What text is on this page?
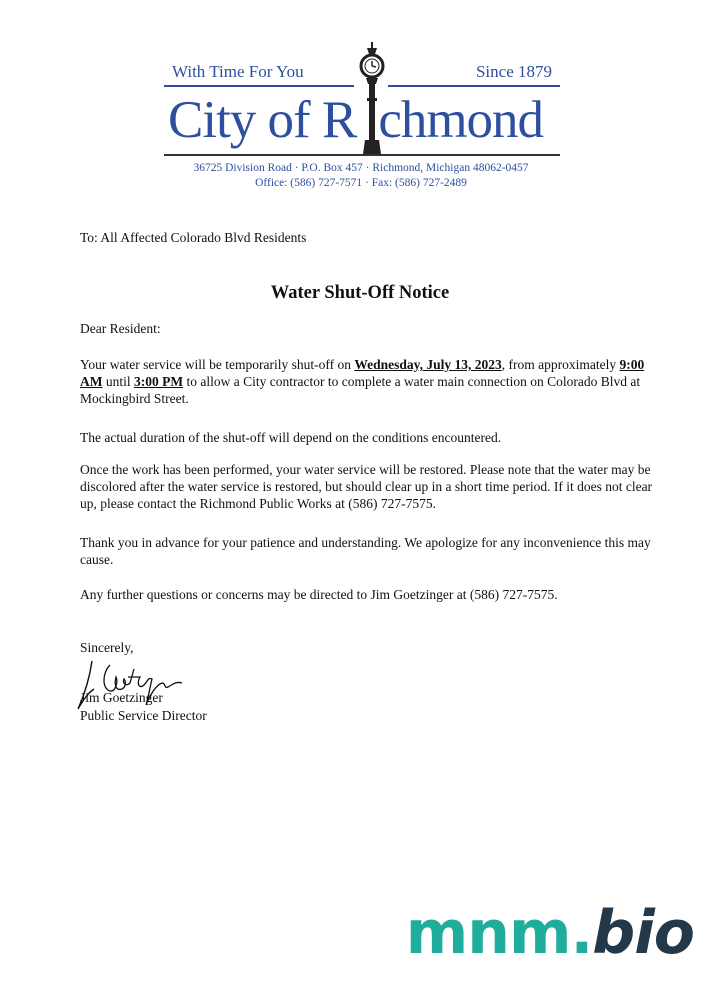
With Time For You	Since 1879
City of R chmond
36725 Division Road · P.O. Box 457 · Richmond, Michigan 48062-0457
Office: (586) 727-7571 · Fax: (586) 727-2489
To: All Affected Colorado Blvd Residents
Water Shut-Off Notice
Dear Resident:
Your water service will be temporarily shut-off on Wednesday, July 13, 2023, from approximately 9:00 AM until 3:00 PM to allow a City contractor to complete a water main connection on Colorado Blvd at Mockingbird Street.
The actual duration of the shut-off will depend on the conditions encountered.
Once the work has been performed, your water service will be restored. Please note that the water may be discolored after the water service is restored, but should clear up in a short time period. If it does not clear up, please contact the Richmond Public Works at (586) 727-7575.
Thank you in advance for your patience and understanding. We apologize for any inconvenience this may cause.
Any further questions or concerns may be directed to Jim Goetzinger at (586) 727-7575.
Sincerely,
Jim Goetzinger
Public Service Director
mnm.bio
